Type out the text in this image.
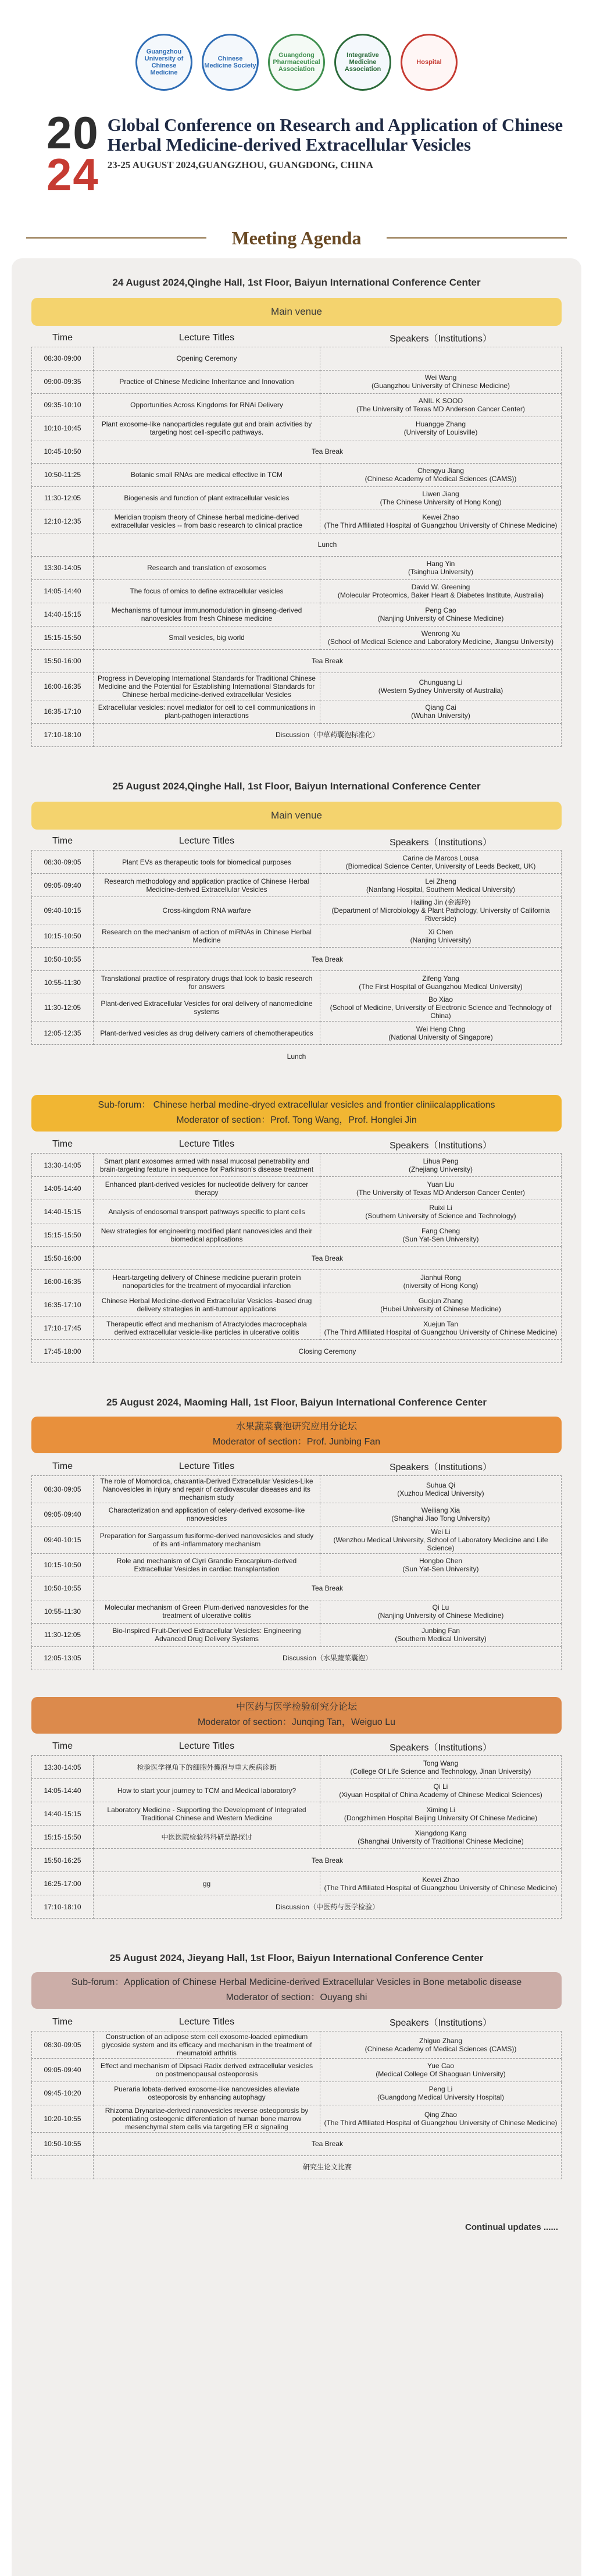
Guangzhou University of Chinese Medicine
Chinese Medicine Society
Guangdong Pharmaceutical Association
Integrative Medicine Association
Hospital
20
24
Global Conference on Research and Application of Chinese Herbal Medicine-derived Extracellular Vesicles
23-25 AUGUST 2024,GUANGZHOU, GUANGDONG, CHINA
Meeting Agenda
24 August 2024,Qinghe Hall, 1st Floor, Baiyun International Conference Center
Main venue
Time	Lecture Titles	Speakers（Institutions）
08:30-09:00	Opening Ceremony	
09:00-09:35	Practice of Chinese Medicine Inheritance and Innovation	Wei Wang
(Guangzhou University of Chinese Medicine)
09:35-10:10	Opportunities Across Kingdoms for RNAi Delivery	ANIL K SOOD
(The University of Texas MD Anderson Cancer Center)
10:10-10:45	Plant exosome-like nanoparticles regulate gut and brain activities by targeting host cell-specific pathways.	Huangge Zhang
(University of Louisville)
10:45-10:50	Tea Break	
10:50-11:25	Botanic small RNAs are medical effective in TCM	Chengyu Jiang
(Chinese Academy of Medical Sciences (CAMS))
11:30-12:05	Biogenesis and function of plant extracellular vesicles	Liwen Jiang
(The Chinese University of Hong Kong)
12:10-12:35	Meridian tropism theory of Chinese herbal medicine-derived extracellular vesicles -- from basic research to clinical practice	Kewei Zhao
(The Third Affiliated Hospital of Guangzhou University of Chinese Medicine)
	Lunch	
13:30-14:05	Research and translation of exosomes	Hang Yin
(Tsinghua University)
14:05-14:40	The focus of omics to define extracellular vesicles	David W. Greening
(Molecular Proteomics, Baker Heart & Diabetes Institute, Australia)
14:40-15:15	Mechanisms of tumour immunomodulation in ginseng-derived nanovesicles from fresh Chinese medicine	Peng Cao
(Nanjing University of Chinese Medicine)
15:15-15:50	Small vesicles, big world	Wenrong Xu
(School of Medical Science and Laboratory Medicine, Jiangsu University)
15:50-16:00	Tea Break	
16:00-16:35	Progress in Developing International Standards for Traditional Chinese Medicine and the Potential for Establishing International Standards for Chinese herbal medicine-derived extracellular Vesicles	Chunguang Li
(Western Sydney University of Australia)
16:35-17:10	Extracellular vesicles: novel mediator for cell to cell communications in plant-pathogen interactions	Qiang Cai
(Wuhan University)
17:10-18:10	Discussion（中草药囊泡标准化）	
25 August 2024,Qinghe Hall, 1st Floor, Baiyun International Conference Center
Main venue
Time	Lecture Titles	Speakers（Institutions）
08:30-09:05	Plant EVs as therapeutic tools for biomedical purposes	Carine de Marcos Lousa
(Biomedical Science Center, University of Leeds Beckett, UK)
09:05-09:40	Research methodology and application practice of Chinese Herbal Medicine-derived Extracellular Vesicles	Lei Zheng
(Nanfang Hospital, Southern Medical University)
09:40-10:15	Cross-kingdom RNA warfare	Hailing Jin (金海玲)
(Department of Microbiology & Plant Pathology, University of California Riverside)
10:15-10:50	Research on the mechanism of action of miRNAs in Chinese Herbal Medicine	Xi Chen
(Nanjing University)
10:50-10:55	Tea Break	
10:55-11:30	Translational practice of respiratory drugs that look to basic research for answers	Zifeng Yang
(The First Hospital of Guangzhou Medical University)
11:30-12:05	Plant-derived Extracellular Vesicles for oral delivery of nanomedicine systems	Bo Xiao
(School of Medicine, University of Electronic Science and Technology of China)
12:05-12:35	Plant-derived vesicles as drug delivery carriers of chemotherapeutics	Wei Heng Chng
(National University of Singapore)
Lunch		
Sub-forum： Chinese herbal medine-dryed extracellular vesicles and frontier cliniicalapplications
Moderator of section：Prof. Tong Wang，Prof. Honglei Jin
Time	Lecture Titles	Speakers（Institutions）
13:30-14:05	Smart plant exosomes armed with nasal mucosal penetrability and brain-targeting feature in sequence for Parkinson's disease treatment	Lihua Peng
(Zhejiang University)
14:05-14:40	Enhanced plant-derived vesicles for nucleotide delivery for cancer therapy	Yuan Liu
(The University of Texas MD Anderson Cancer Center)
14:40-15:15	Analysis of endosomal transport pathways specific to plant cells	Ruixi Li
(Southern University of Science and Technology)
15:15-15:50	New strategies for engineering modified plant nanovesicles and their biomedical applications	Fang Cheng
(Sun Yat-Sen University)
15:50-16:00	Tea Break	
16:00-16:35	Heart-targeting delivery of Chinese medicine puerarin protein nanoparticles for the treatment of myocardial infarction	Jianhui Rong
(niversity of Hong Kong)
16:35-17:10	Chinese Herbal Medicine-derived Extracellular Vesicles -based drug delivery strategies in anti-tumour applications	Guojun Zhang
(Hubei University of Chinese Medicine)
17:10-17:45	Therapeutic effect and mechanism of Atractylodes macrocephala derived extracellular vesicle-like particles in ulcerative colitis	Xuejun Tan
(The Third Affiliated Hospital of Guangzhou University of Chinese Medicine)
17:45-18:00	Closing Ceremony	
25 August 2024, Maoming Hall, 1st Floor, Baiyun International Conference Center
水果蔬菜囊泡研究应用分论坛
Moderator of section：Prof. Junbing Fan
Time	Lecture Titles	Speakers（Institutions）
08:30-09:05	The role of Momordica, chaxantia-Derived Extracellular Vesicles-Like Nanovesicles in injury and repair of cardiovascular diseases and its mechanism study	Suhua Qi
(Xuzhou Medical University)
09:05-09:40	Characterization and application of celery-derived exosome-like nanovesicles	Weiliang Xia
(Shanghai Jiao Tong University)
09:40-10:15	Preparation for Sargassum fusiforme-derived nanovesicles and study of its anti-inflammatory mechanism	Wei Li
(Wenzhou Medical University, School of Laboratory Medicine and Life Science)
10:15-10:50	Role and mechanism of Ciyri Grandio Exocarpium-derived Extracellular Vesicles in cardiac transplantation	Hongbo Chen
(Sun Yat-Sen University)
10:50-10:55	Tea Break	
10:55-11:30	Molecular mechanism of Green Plum-derived nanovesicles for the treatment of ulcerative colitis	Qi Lu
(Nanjing University of Chinese Medicine)
11:30-12:05	Bio-Inspired Fruit-Derived Extracellular Vesicles: Engineering Advanced Drug Delivery Systems	Junbing Fan
(Southern Medical University)
12:05-13:05	Discussion（水果蔬菜囊泡）	
中医药与医学检验研究分论坛
Moderator of section：Junqing Tan，Weiguo Lu
Time	Lecture Titles	Speakers（Institutions）
13:30-14:05	检验医学视角下的细胞外囊泡与重大疾病诊断	Tong Wang
(College Of Life Science and Technology, Jinan University)
14:05-14:40	How to start your journey to TCM and Medical laboratory?	Qi Li
(Xiyuan Hospital of China Academy of Chinese Medical Sciences)
14:40-15:15	Laboratory Medicine - Supporting the Development of Integrated Traditional Chinese and Western Medicine	Ximing Li
(Dongzhimen Hospital Beijing University Of Chinese Medicine)
15:15-15:50	中医医院检验科科研票路探讨	Xiangdong Kang
(Shanghai University of Traditional Chinese Medicine)
15:50-16:25	Tea Break	
16:25-17:00	gg	Kewei Zhao
(The Third Affiliated Hospital of Guangzhou University of Chinese Medicine)
17:10-18:10	Discussion（中医药与医学检验）	
25 August 2024, Jieyang Hall, 1st Floor, Baiyun International Conference Center
Sub-forum：Application of Chinese Herbal Medicine-derived Extracellular Vesicles in Bone metabolic disease
Moderator of section：Ouyang shi
Time	Lecture Titles	Speakers（Institutions）
08:30-09:05	Construction of an adipose stem cell exosome-loaded epimedium glycoside system and its efficacy and mechanism in the treatment of rheumatoid arthritis	Zhiguo Zhang
(Chinese Academy of Medical Sciences (CAMS))
09:05-09:40	Effect and mechanism of Dipsaci Radix derived extracellular vesicles on postmenopausal osteoporosis	Yue Cao
(Medical College Of Shaoguan University)
09:45-10:20	Pueraria lobata-derived exosome-like nanovesicles alleviate osteoporosis by enhancing autophagy	Peng Li
(Guangdong Medical University Hospital)
10:20-10:55	Rhizoma Drynariae-derived nanovesicles reverse osteoporosis by potentiating osteogenic differentiation of human bone marrow mesenchymal stem cells via targeting ER α signaling	Qing Zhao
(The Third Affiliated Hospital of Guangzhou University of Chinese Medicine)
10:50-10:55	Tea Break	
	研究生论文比赛	
Continual updates ......
